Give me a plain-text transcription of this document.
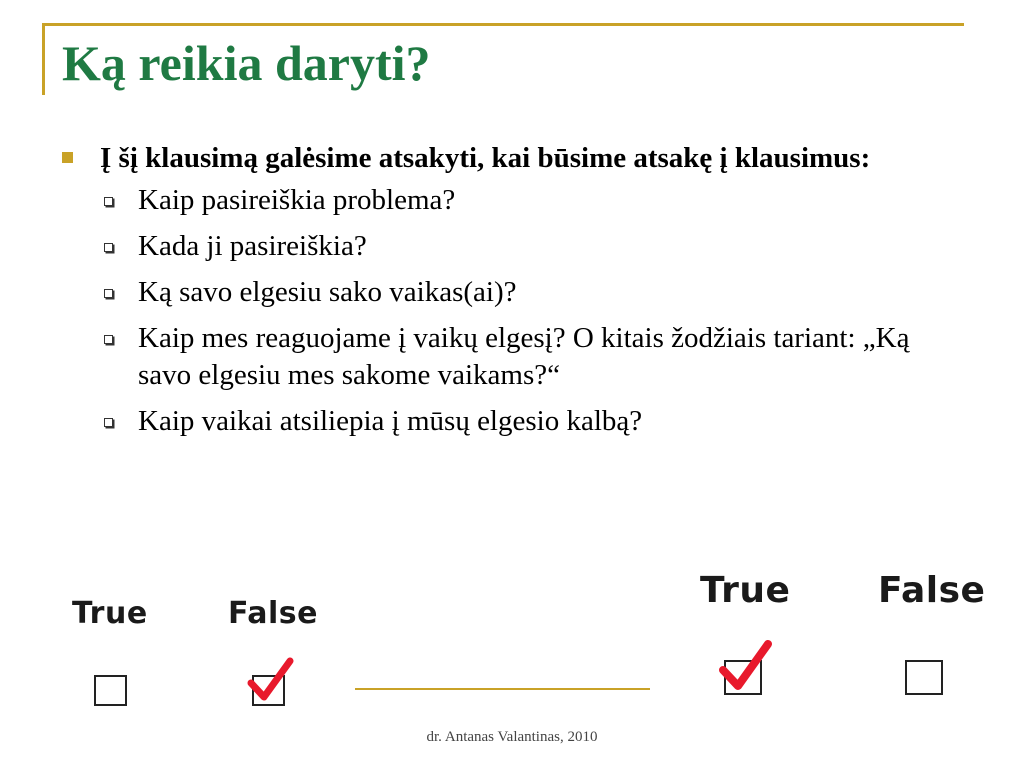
Ką reikia daryti?
Į šį klausimą galėsime atsakyti, kai būsime atsakę į klausimus:
Kaip pasireiškia problema?
Kada ji pasireiškia?
Ką savo elgesiu sako vaikas(ai)?
Kaip mes reaguojame į vaikų elgesį? O kitais žodžiais tariant: „Ką savo elgesiu mes sakome vaikams?“
Kaip vaikai atsiliepia į mūsų elgesio kalbą?
True	False
True False
dr. Antanas Valantinas, 2010
